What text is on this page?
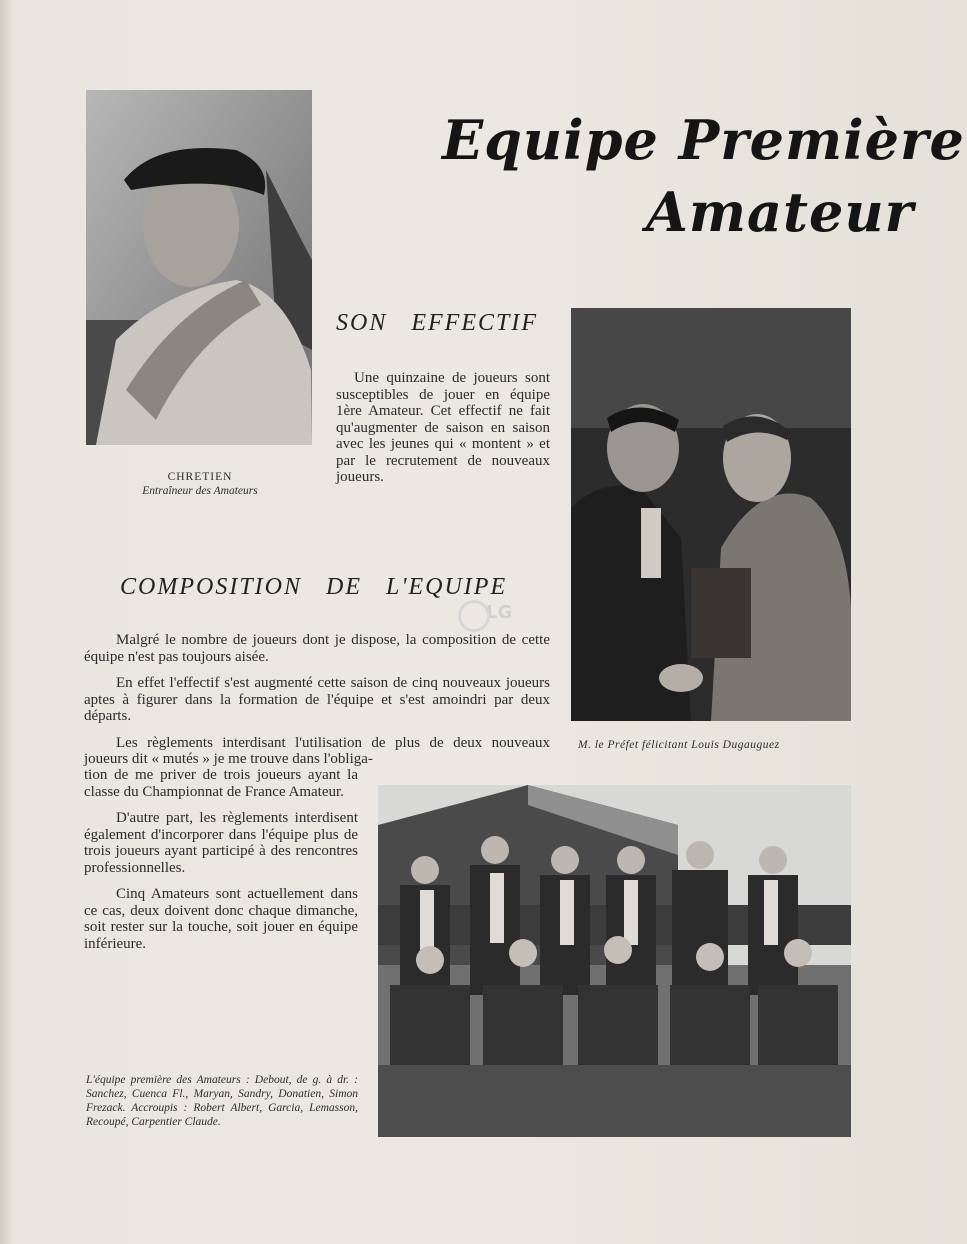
CHRETIEN
Entraîneur des Amateurs
Equipe Première
Amateur
SON EFFECTIF

Une quinzaine de joueurs sont susceptibles de jouer en équipe 1ère Amateur. Cet effectif ne fait qu'augmenter de saison en saison avec les jeunes qui « montent » et par le recrutement de nouveaux joueurs.

M. le Préfet félicitant Louis Dugauguez
COMPOSITION DE L'EQUIPE

Malgré le nombre de joueurs dont je dispose, la composition de cette équipe n'est pas toujours aisée.

En effet l'effectif s'est augmenté cette saison de cinq nouveaux joueurs aptes à figurer dans la formation de l'équipe et s'est amoindri par deux départs.

Les règlements interdisant l'utilisation de plus de deux nouveaux joueurs dit « mutés » je me trouve dans l'obliga-

tion de me priver de trois joueurs ayant la classe du Championnat de France Amateur.

D'autre part, les règlements interdisent également d'incorporer dans l'équipe plus de trois joueurs ayant participé à des rencontres professionnelles.

Cinq Amateurs sont actuellement dans ce cas, deux doivent donc chaque dimanche, soit rester sur la touche, soit jouer en équipe inférieure.

LG
L'équipe première des Amateurs : Debout, de g. à dr. : Sanchez, Cuenca Fl., Maryan, Sandry, Donatien, Simon Frezack. Accroupis : Robert Albert, Garcia, Lemasson, Recoupé, Carpentier Claude.
